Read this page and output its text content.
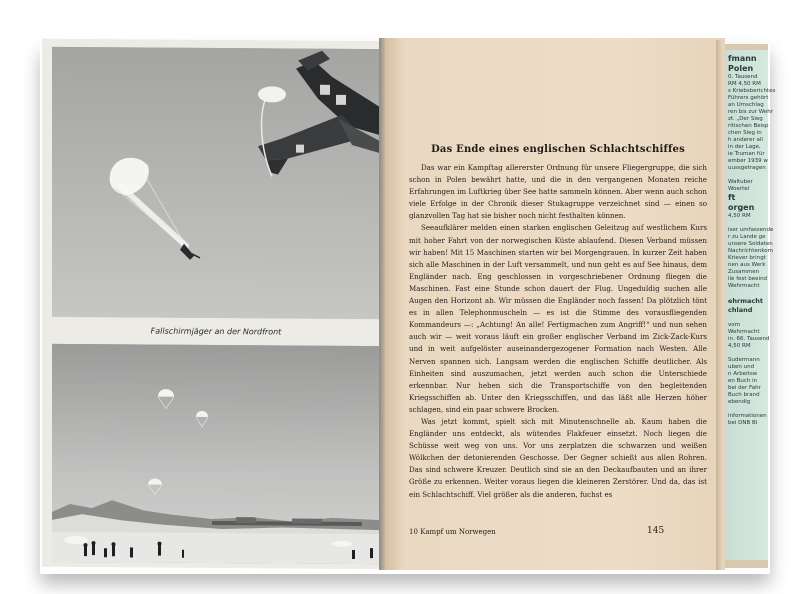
fmann
Polen
0. Tausend
RM 4,50 RM
s Kriebsberichtes
Führers gehört
an Umschlag
ren bis zur Wehr
zt. „Der Sieg
ritischen Beisp
chen Sieg in
h anderer all
in der Lage,
ie Truman für
ember 1939 w
uussgetragen

Waltuber
Woertel
ft
orgen
4,50 RM

iser umfassende
r zu Lande ge
unsere Soldaten
Nachrichtenkom
Kriever bringt
nen aus Werk
Zusammen
lie fest beeind
Wehrmacht

ehrmacht
chland

vom
Wehrmacht
in. 66. Tausend
4,50 RM

Sudermann
uben und
n Arbeitsw
en Buch in
bei der Fahr
Buch brand
ebendig

informationen
bei DNB Bl
Fallschirmjäger an der Nordfront
Das Ende eines englischen Schlachtschiffes

Das war ein Kampftag allererster Ordnung für unsere Fliegergruppe, die sich schon in Polen bewährt hatte, und die in den vergangenen Monaten reiche Erfahrungen im Luftkrieg über See hatte sammeln können. Aber wenn auch schon viele Erfolge in der Chronik dieser Stukagruppe verzeichnet sind — einen so glanzvollen Tag hat sie bisher noch nicht festhalten können.

Seeaufklärer melden einen starken englischen Geleitzug auf westlichem Kurs mit hoher Fahrt von der norwegischen Küste ablaufend. Diesen Verband müssen wir haben! Mit 15 Maschinen starten wir bei Morgengrauen. In kurzer Zeit haben sich alle Maschinen in der Luft versammelt, und nun geht es auf See hinaus, dem Engländer nach. Eng geschlossen in vorgeschriebener Ordnung fliegen die Maschinen. Fast eine Stunde schon dauert der Flug. Ungeduldig suchen alle Augen den Horizont ab. Wir müssen die Engländer noch fassen! Da plötzlich tönt es in allen Telephonmuscheln — es ist die Stimme des vorausfliegenden Kommandeurs —: „Achtung! An alle! Fertigmachen zum Angriff!“ und nun sehen auch wir — weit voraus läuft ein großer englischer Verband im Zick-Zack-Kurs und in weit aufgelöster auseinandergezogener Formation nach Westen. Alle Nerven spannen sich. Langsam werden die englischen Schiffe deutlicher. Als Einheiten sind auszumachen, jetzt werden auch schon die Unterschiede erkennbar. Nur heben sich die Transportschiffe von den begleitenden Kriegsschiffen ab. Unter den Kriegsschiffen, und das läßt alle Herzen höher schlagen, sind ein paar schwere Brocken.

Was jetzt kommt, spielt sich mit Minutenschnelle ab. Kaum haben die Engländer uns entdeckt, als wütendes Flakfeuer einsetzt. Noch liegen die Schüsse weit weg von uns. Vor uns zerplatzen die schwarzen und weißen Wölkchen der detonierenden Geschosse. Der Gegner schießt aus allen Rohren. Das sind schwere Kreuzer. Deutlich sind sie an den Deckaufbauten und an ihrer Größe zu erkennen. Weiter voraus liegen die kleineren Zerstörer. Und da, das ist ein Schlachtschiff. Viel größer als die anderen, fuchst es

10 Kampf um Norwegen	145
